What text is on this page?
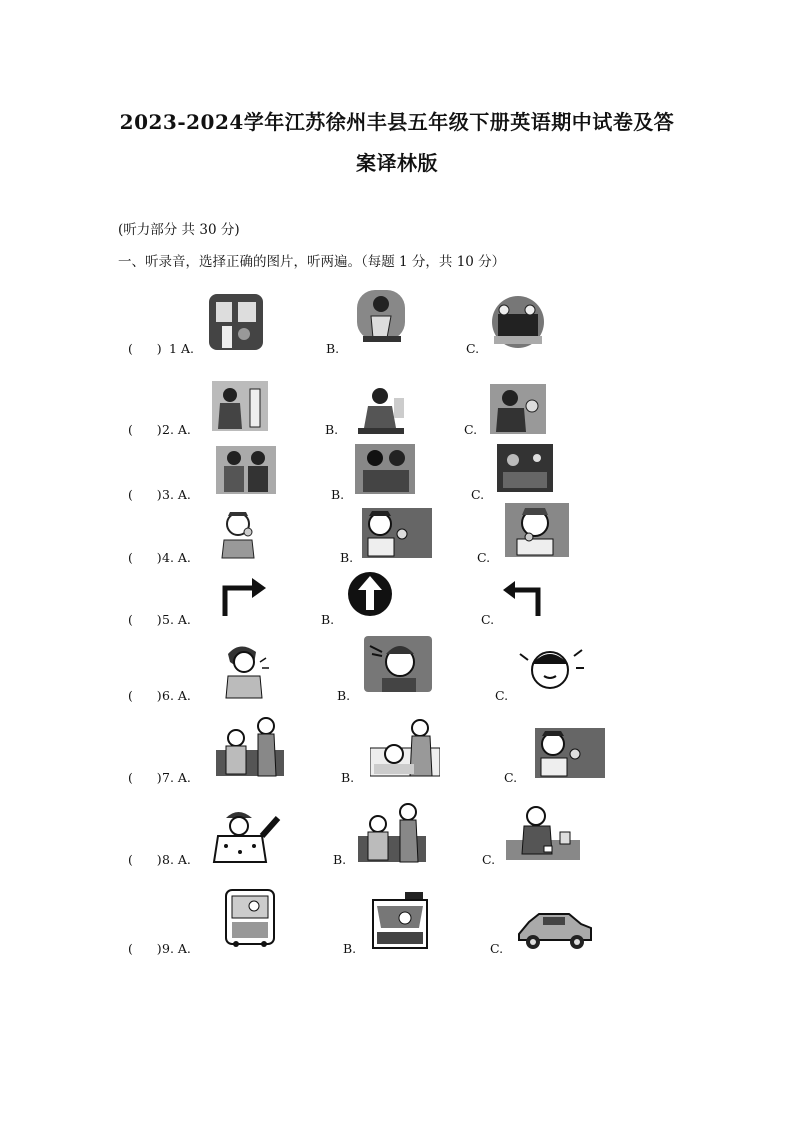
2023-2024学年江苏徐州丰县五年级下册英语期中试卷及答
案译林版
(听力部分 共 30 分)
一、听录音，选择正确的图片，听两遍。（每题 1 分，共 10 分）
(      ) 1 A.	B.	C.
(      ) 2. A.	B.	C.
(      ) 3. A.	B.	C.
(      ) 4. A.	B.	C.
(      ) 5. A.	B.	C.
(      ) 6. A.	B.	C.
(      ) 7. A.	B.	C.
(      ) 8. A.	B.	C.
(      ) 9. A.	B.	C.
